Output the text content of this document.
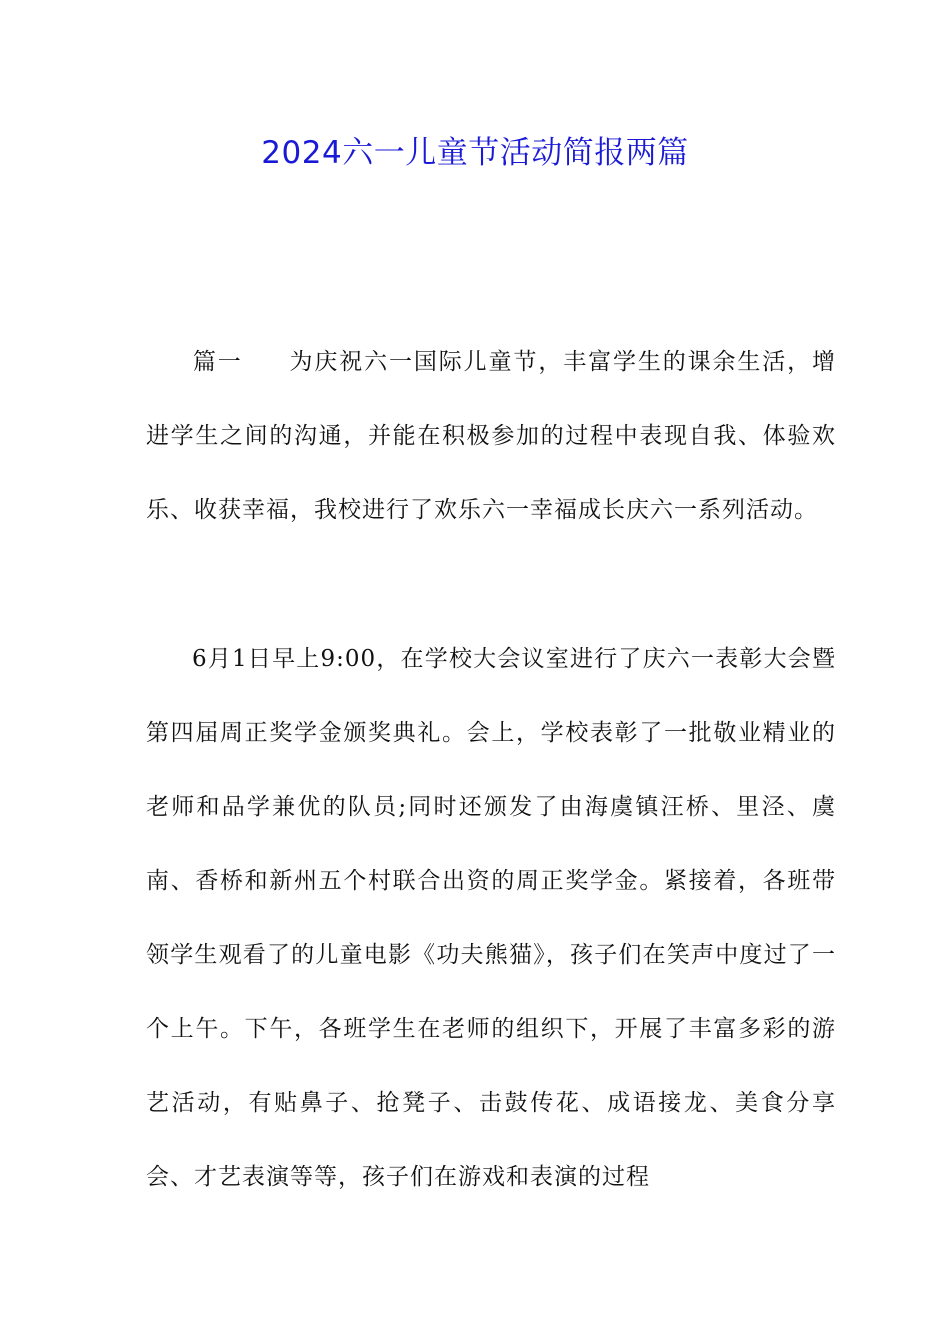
2024六一儿童节活动简报两篇
篇一 为庆祝六一国际儿童节，丰富学生的课余生活，增进学生之间的沟通，并能在积极参加的过程中表现自我、体验欢乐、收获幸福，我校进行了欢乐六一幸福成长庆六一系列活动。
6月1日早上9:00，在学校大会议室进行了庆六一表彰大会暨第四届周正奖学金颁奖典礼。会上，学校表彰了一批敬业精业的老师和品学兼优的队员;同时还颁发了由海虞镇汪桥、里泾、虞南、香桥和新州五个村联合出资的周正奖学金。紧接着，各班带领学生观看了的儿童电影《功夫熊猫》，孩子们在笑声中度过了一个上午。下午，各班学生在老师的组织下，开展了丰富多彩的游艺活动，有贴鼻子、抢凳子、击鼓传花、成语接龙、美食分享会、才艺表演等等，孩子们在游戏和表演的过程
